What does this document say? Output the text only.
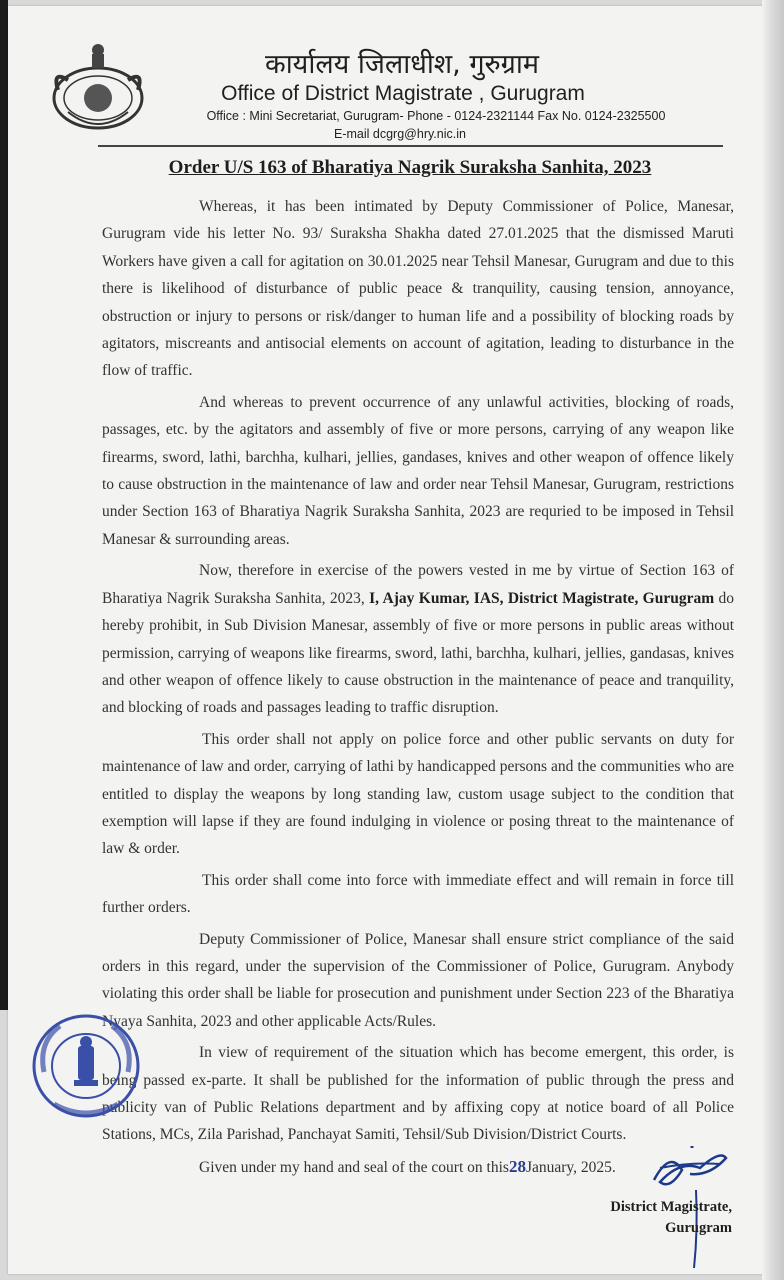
कार्यालय जिलाधीश, गुरुग्राम
Office of District Magistrate , Gurugram
Office : Mini Secretariat, Gurugram- Phone - 0124-2321144 Fax No. 0124-2325500
E-mail dcgrg@hry.nic.in
Order U/S 163 of Bharatiya Nagrik Suraksha Sanhita, 2023

Whereas, it has been intimated by Deputy Commissioner of Police, Manesar, Gurugram vide his letter No. 93/ Suraksha Shakha dated 27.01.2025 that the dismissed Maruti Workers have given a call for agitation on 30.01.2025 near Tehsil Manesar, Gurugram and due to this there is likelihood of disturbance of public peace & tranquility, causing tension, annoyance, obstruction or injury to persons or risk/danger to human life and a possibility of blocking roads by agitators, miscreants and antisocial elements on account of agitation, leading to disturbance in the flow of traffic.

And whereas to prevent occurrence of any unlawful activities, blocking of roads, passages, etc. by the agitators and assembly of five or more persons, carrying of any weapon like firearms, sword, lathi, barchha, kulhari, jellies, gandases, knives and other weapon of offence likely to cause obstruction in the maintenance of law and order near Tehsil Manesar, Gurugram, restrictions under Section 163 of Bharatiya Nagrik Suraksha Sanhita, 2023 are requried to be imposed in Tehsil Manesar & surrounding areas.

Now, therefore in exercise of the powers vested in me by virtue of Section 163 of Bharatiya Nagrik Suraksha Sanhita, 2023, I, Ajay Kumar, IAS, District Magistrate, Gurugram do hereby prohibit, in Sub Division Manesar, assembly of five or more persons in public areas without permission, carrying of weapons like firearms, sword, lathi, barchha, kulhari, jellies, gandasas, knives and other weapon of offence likely to cause obstruction in the maintenance of peace and tranquility, and blocking of roads and passages leading to traffic disruption.

This order shall not apply on police force and other public servants on duty for maintenance of law and order, carrying of lathi by handicapped persons and the communities who are entitled to display the weapons by long standing law, custom usage subject to the condition that exemption will lapse if they are found indulging in violence or posing threat to the maintenance of law & order.

This order shall come into force with immediate effect and will remain in force till further orders.

Deputy Commissioner of Police, Manesar shall ensure strict compliance of the said orders in this regard, under the supervision of the Commissioner of Police, Gurugram. Anybody violating this order shall be liable for prosecution and punishment under Section 223 of the Bharatiya Nyaya Sanhita, 2023 and other applicable Acts/Rules.

In view of requirement of the situation which has become emergent, this order, is being passed ex-parte. It shall be published for the information of public through the press and publicity van of Public Relations department and by affixing copy at notice board of all Police Stations, MCs, Zila Parishad, Panchayat Samiti, Tehsil/Sub Division/District Courts.

Given under my hand and seal of the court on this28January, 2025.

District Magistrate,
Gurugram
